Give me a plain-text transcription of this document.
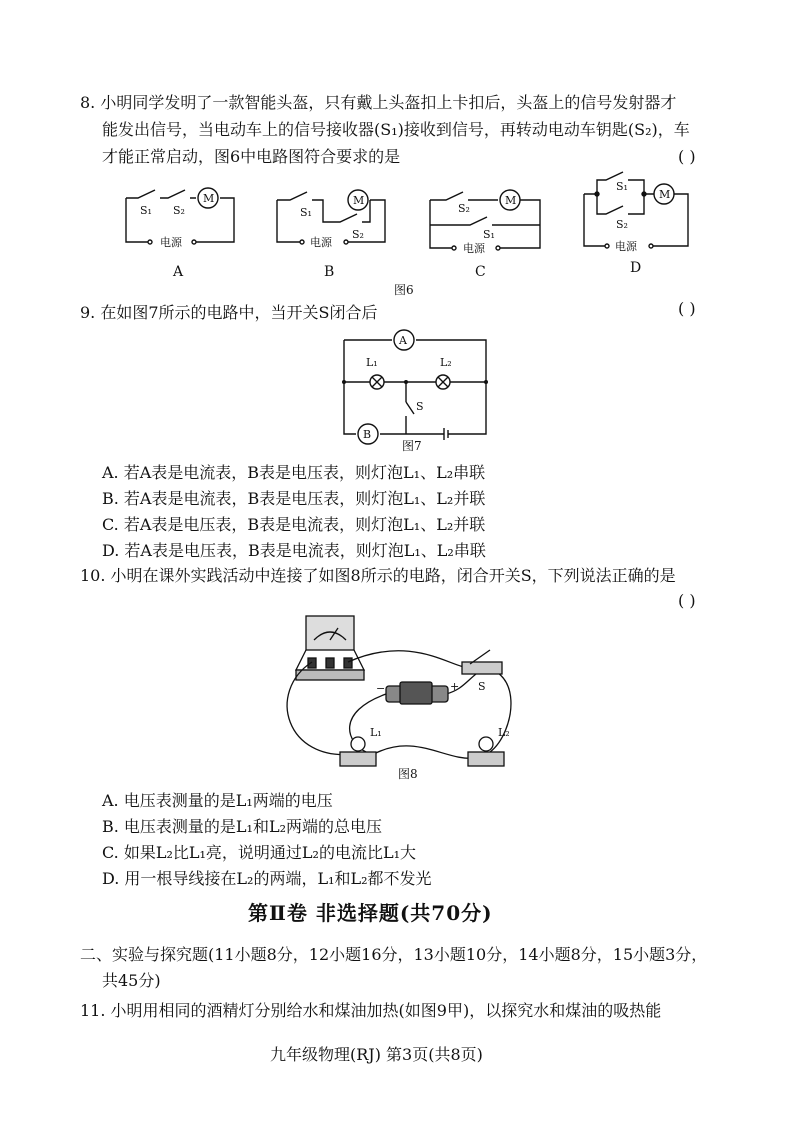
8. 小明同学发明了一款智能头盔，只有戴上头盔扣上卡扣后，头盔上的信号发射器才
能发出信号，当电动车上的信号接收器(S₁)接收到信号，再转动电动车钥匙(S₂)，车
才能正常启动，图6中电路图符合要求的是	( )
M	M	M	M
S₁ S₂	S₁
S₂
S₂
S₁
S₁
S₂
电源	电源	电源	电源
A	B	C	D
图6
9. 在如图7所示的电路中，当开关S闭合后	( )
A
B
L₁	L₂
S
图7
A. 若A表是电流表，B表是电压表，则灯泡L₁、L₂串联
B. 若A表是电流表，B表是电压表，则灯泡L₁、L₂并联
C. 若A表是电压表，B表是电流表，则灯泡L₁、L₂并联
D. 若A表是电压表，B表是电流表，则灯泡L₁、L₂串联
10. 小明在课外实践活动中连接了如图8所示的电路，闭合开关S，下列说法正确的是
( )
−	+ S
L₁	L₂
图8
A. 电压表测量的是L₁两端的电压
B. 电压表测量的是L₁和L₂两端的总电压
C. 如果L₂比L₁亮，说明通过L₂的电流比L₁大
D. 用一根导线接在L₂的两端，L₁和L₂都不发光
第Ⅱ卷 非选择题(共70分)
二、实验与探究题(11小题8分，12小题16分，13小题10分，14小题8分，15小题3分，
共45分)
11. 小明用相同的酒精灯分别给水和煤油加热(如图9甲)，以探究水和煤油的吸热能
九年级物理(RJ) 第3页(共8页)
